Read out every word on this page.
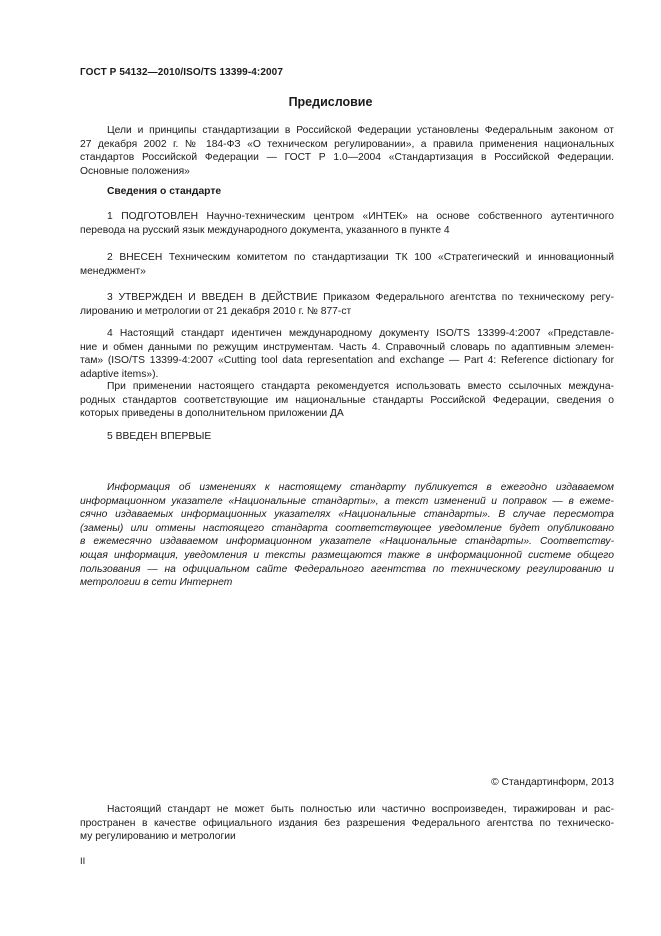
ГОСТ Р 54132—2010/ISO/TS 13399-4:2007
Предисловие
Цели и принципы стандартизации в Российской Федерации установлены Федеральным законом от
27 декабря 2002 г. № 184-ФЗ «О техническом регулировании», а правила применения национальных
стандартов Российской Федерации — ГОСТ Р 1.0—2004 «Стандартизация в Российской Федерации.
Основные положения»
Сведения о стандарте
1 ПОДГОТОВЛЕН Научно-техническим центром «ИНТЕК» на основе собственного аутентичного
перевода на русский язык международного документа, указанного в пункте 4
2 ВНЕСЕН Техническим комитетом по стандартизации ТК 100 «Стратегический и инновационный
менеджмент»
3 УТВЕРЖДЕН И ВВЕДЕН В ДЕЙСТВИЕ Приказом Федерального агентства по техническому регу-
лированию и метрологии от 21 декабря 2010 г. № 877-ст
4 Настоящий стандарт идентичен международному документу ISO/TS 13399-4:2007 «Представле-
ние и обмен данными по режущим инструментам. Часть 4. Справочный словарь по адаптивным элемен-
там» (ISO/TS 13399-4:2007 «Cutting tool data representation and exchange — Part 4: Reference dictionary for
adaptive items»).
При применении настоящего стандарта рекомендуется использовать вместо ссылочных междуна-
родных стандартов соответствующие им национальные стандарты Российской Федерации, сведения о
которых приведены в дополнительном приложении ДА
5 ВВЕДЕН ВПЕРВЫЕ
Информация об изменениях к настоящему стандарту публикуется в ежегодно издаваемом
информационном указателе «Национальные стандарты», а текст изменений и поправок — в ежеме-
сячно издаваемых информационных указателях «Национальные стандарты». В случае пересмотра
(замены) или отмены настоящего стандарта соответствующее уведомление будет опубликовано
в ежемесячно издаваемом информационном указателе «Национальные стандарты». Соответству-
ющая информация, уведомления и тексты размещаются также в информационной системе общего
пользования — на официальном сайте Федерального агентства по техническому регулированию и
метрологии в сети Интернет
© Стандартинформ, 2013
Настоящий стандарт не может быть полностью или частично воспроизведен, тиражирован и рас-
пространен в качестве официального издания без разрешения Федерального агентства по техническо-
му регулированию и метрологии
II
